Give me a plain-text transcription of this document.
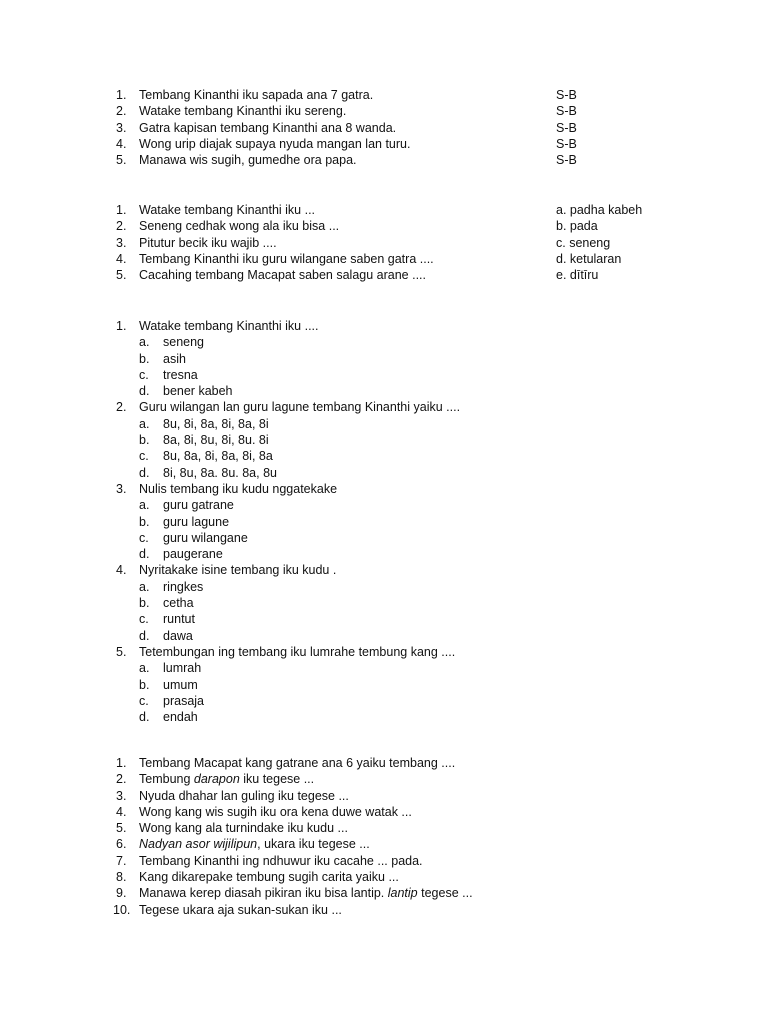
1.	Tembang Kinanthi iku sapada ana 7 gatra.	S-B
2.	Watake tembang Kinanthi iku sereng.	S-B
3.	Gatra kapisan tembang Kinanthi ana 8 wanda.	S-B
4.	Wong urip diajak supaya nyuda mangan lan turu.	S-B
5.	Manawa wis sugih, gumedhe ora papa.	S-B
1.	Watake tembang Kinanthi iku ...	a. padha kabeh
2.	Seneng cedhak wong ala iku bisa ...	b. pada
3.	Pitutur becik iku wajib ....	c. seneng
4.	Tembang Kinanthi iku guru wilangane saben gatra ....	d. ketularan
5.	Cacahing tembang Macapat saben salagu arane ....	e. dītīru
1.	Watake tembang Kinanthi iku ....
a. seneng
b. asih
c. tresna
d. bener kabeh
2.	Guru wilangan lan guru lagune tembang Kinanthi yaiku ....
a. 8u, 8i, 8a, 8i, 8a, 8i
b. 8a, 8i, 8u, 8i, 8u. 8i
c. 8u, 8a, 8i, 8a, 8i, 8a
d. 8i, 8u, 8a. 8u. 8a, 8u
3.	Nulis tembang iku kudu nggatekake
a. guru gatrane
b. guru lagune
c. guru wilangane
d. paugerane
4.	Nyritakake isine tembang iku kudu .
a. ringkes
b. cetha
c. runtut
d. dawa
5.	Tetembungan ing tembang iku lumrahe tembung kang ....
a. lumrah
b. umum
c. prasaja
d. endah
1.	Tembang Macapat kang gatrane ana 6 yaiku tembang ....
2.	Tembung darapon iku tegese ...
3.	Nyuda dhahar lan guling iku tegese ...
4.	Wong kang wis sugih iku ora kena duwe watak ...
5.	Wong kang ala turnindake iku kudu ...
6.	Nadyan asor wijilipun, ukara iku tegese ...
7.	Tembang Kinanthi ing ndhuwur iku cacahe ... pada.
8.	Kang dikarepake tembung sugih carita yaiku ...
9.	Manawa kerep diasah pikiran iku bisa lantip. lantip tegese ...
10. Tegese ukara aja sukan-sukan iku ...
